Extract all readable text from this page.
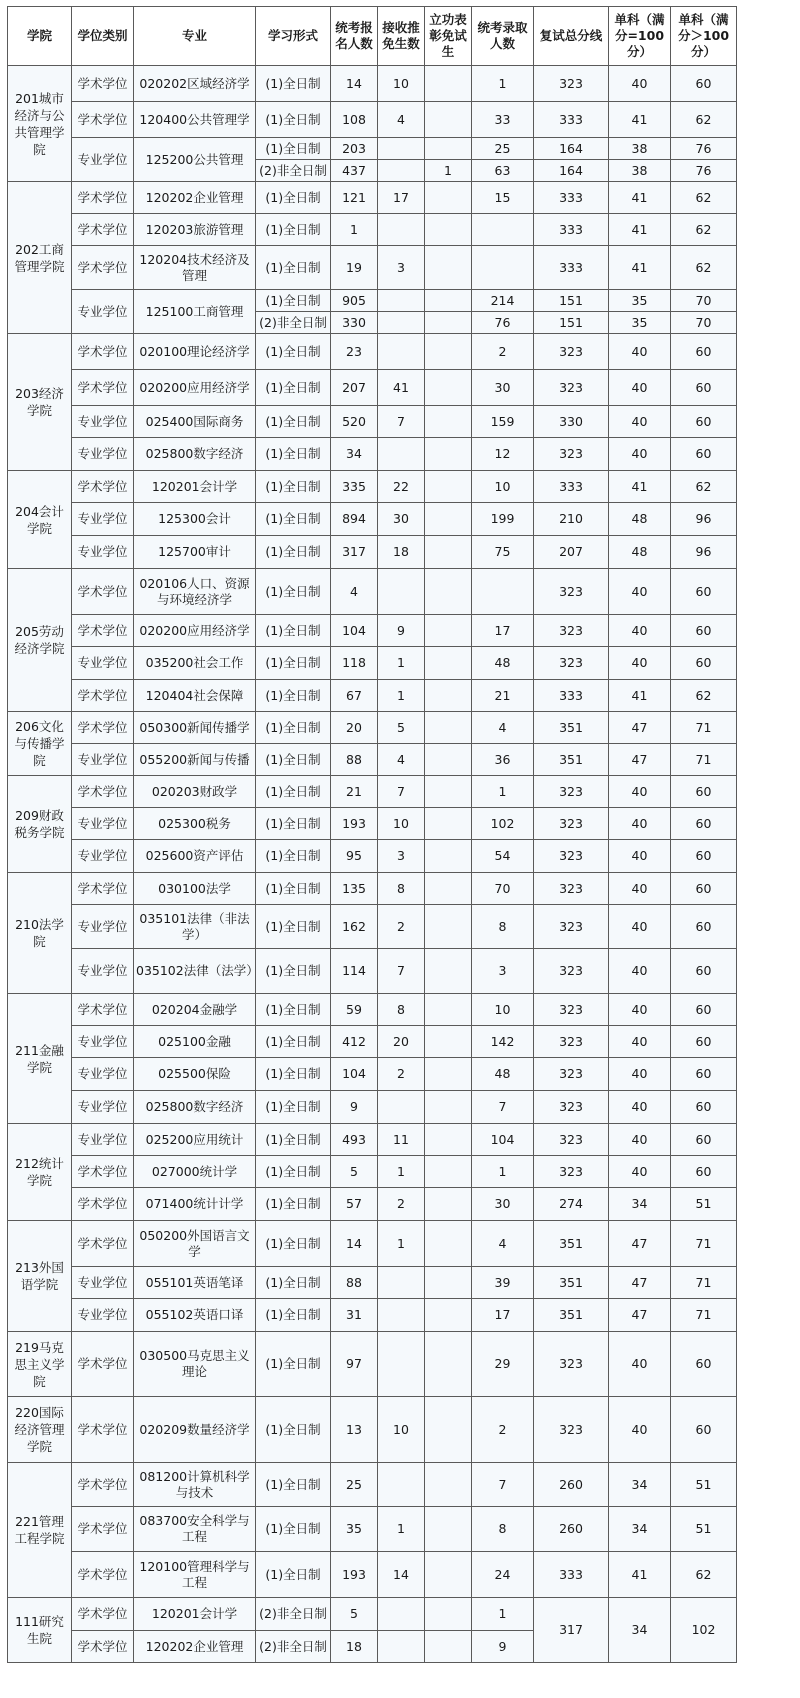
学院	学位类别	专业	学习形式	统考报名人数	接收推免生数	立功表彰免试生	统考录取人数	复试总分线	单科（满分=100分）	单科（满分＞100分）
201城市经济与公共管理学院	学术学位	020202区域经济学	(1)全日制	14	10		1	323	40	60
	学术学位	120400公共管理学	(1)全日制	108	4		33	333	41	62
	专业学位	125200公共管理	(1)全日制	203			25	164	38	76
			(2)非全日制	437		1	63	164	38	76
202工商管理学院	学术学位	120202企业管理	(1)全日制	121	17		15	333	41	62
	学术学位	120203旅游管理	(1)全日制	1				333	41	62
	学术学位	120204技术经济及管理	(1)全日制	19	3			333	41	62
	专业学位	125100工商管理	(1)全日制	905			214	151	35	70
			(2)非全日制	330			76	151	35	70
203经济学院	学术学位	020100理论经济学	(1)全日制	23			2	323	40	60
	学术学位	020200应用经济学	(1)全日制	207	41		30	323	40	60
	专业学位	025400国际商务	(1)全日制	520	7		159	330	40	60
	专业学位	025800数字经济	(1)全日制	34			12	323	40	60
204会计学院	学术学位	120201会计学	(1)全日制	335	22		10	333	41	62
	专业学位	125300会计	(1)全日制	894	30		199	210	48	96
	专业学位	125700审计	(1)全日制	317	18		75	207	48	96
205劳动经济学院	学术学位	020106人口、资源与环境经济学	(1)全日制	4				323	40	60
	学术学位	020200应用经济学	(1)全日制	104	9		17	323	40	60
	专业学位	035200社会工作	(1)全日制	118	1		48	323	40	60
	学术学位	120404社会保障	(1)全日制	67	1		21	333	41	62
206文化与传播学院	学术学位	050300新闻传播学	(1)全日制	20	5		4	351	47	71
	专业学位	055200新闻与传播	(1)全日制	88	4		36	351	47	71
209财政税务学院	学术学位	020203财政学	(1)全日制	21	7		1	323	40	60
	专业学位	025300税务	(1)全日制	193	10		102	323	40	60
	专业学位	025600资产评估	(1)全日制	95	3		54	323	40	60
210法学院	学术学位	030100法学	(1)全日制	135	8		70	323	40	60
	专业学位	035101法律（非法学）	(1)全日制	162	2		8	323	40	60
	专业学位	035102法律（法学）	(1)全日制	114	7		3	323	40	60
211金融学院	学术学位	020204金融学	(1)全日制	59	8		10	323	40	60
	专业学位	025100金融	(1)全日制	412	20		142	323	40	60
	专业学位	025500保险	(1)全日制	104	2		48	323	40	60
	专业学位	025800数字经济	(1)全日制	9			7	323	40	60
212统计学院	专业学位	025200应用统计	(1)全日制	493	11		104	323	40	60
	学术学位	027000统计学	(1)全日制	5	1		1	323	40	60
	学术学位	071400统计计学	(1)全日制	57	2		30	274	34	51
213外国语学院	学术学位	050200外国语言文学	(1)全日制	14	1		4	351	47	71
	专业学位	055101英语笔译	(1)全日制	88			39	351	47	71
	专业学位	055102英语口译	(1)全日制	31			17	351	47	71
219马克思主义学院	学术学位	030500马克思主义理论	(1)全日制	97			29	323	40	60
220国际经济管理学院	学术学位	020209数量经济学	(1)全日制	13	10		2	323	40	60
221管理工程学院	学术学位	081200计算机科学与技术	(1)全日制	25			7	260	34	51
	学术学位	083700安全科学与工程	(1)全日制	35	1		8	260	34	51
	学术学位	120100管理科学与工程	(1)全日制	193	14		24	333	41	62
111研究生院	学术学位	120201会计学	(2)非全日制	5			1	317	34	102
	学术学位	120202企业管理	(2)非全日制	18			9			
